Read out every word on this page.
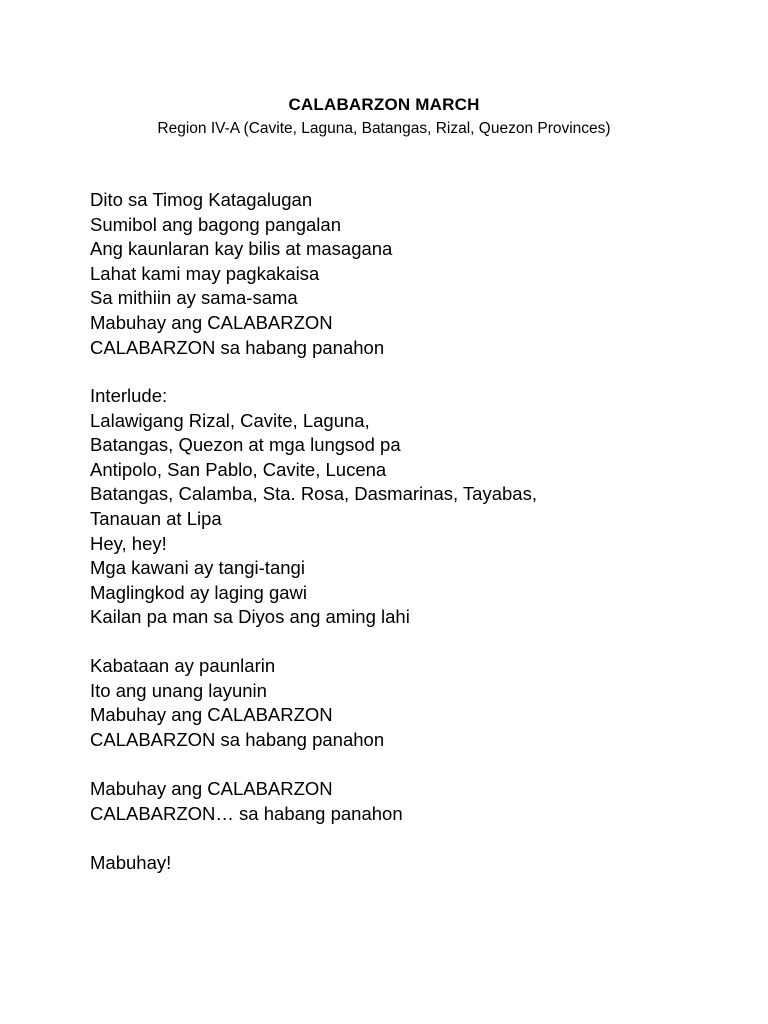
CALABARZON MARCH
Region IV-A (Cavite, Laguna, Batangas, Rizal, Quezon Provinces)
Dito sa Timog Katagalugan
Sumibol ang bagong pangalan
Ang kaunlaran kay bilis at masagana
Lahat kami may pagkakaisa
Sa mithiin ay sama-sama
Mabuhay ang CALABARZON
CALABARZON sa habang panahon
Interlude:
Lalawigang Rizal, Cavite, Laguna,
Batangas, Quezon at mga lungsod pa
Antipolo, San Pablo, Cavite, Lucena
Batangas, Calamba, Sta. Rosa, Dasmarinas, Tayabas,
Tanauan at Lipa
Hey, hey!
Mga kawani ay tangi-tangi
Maglingkod ay laging gawi
Kailan pa man sa Diyos ang aming lahi
Kabataan ay paunlarin
Ito ang unang layunin
Mabuhay ang CALABARZON
CALABARZON sa habang panahon
Mabuhay ang CALABARZON
CALABARZON… sa habang panahon
Mabuhay!
